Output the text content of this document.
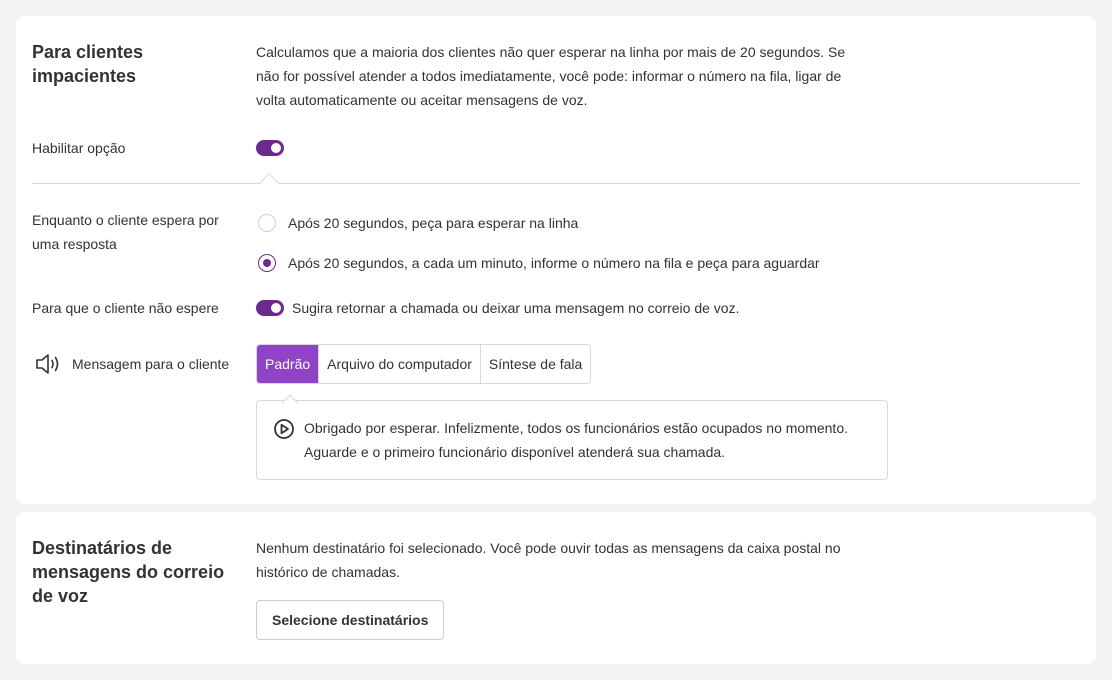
Para clientes impacientes
Calculamos que a maioria dos clientes não quer esperar na linha por mais de 20 segundos. Se não for possível atender a todos imediatamente, você pode: informar o número na fila, ligar de volta automaticamente ou aceitar mensagens de voz.
Habilitar opção
Enquanto o cliente espera por uma resposta
Após 20 segundos, peça para esperar na linha
Após 20 segundos, a cada um minuto, informe o número na fila e peça para aguardar
Para que o cliente não espere	Sugira retornar a chamada ou deixar uma mensagem no correio de voz.
Mensagem para o cliente	Padrão	Arquivo do computador	Síntese de fala
Obrigado por esperar. Infelizmente, todos os funcionários estão ocupados no momento. Aguarde e o primeiro funcionário disponível atenderá sua chamada.
Destinatários de mensagens do correio de voz
Nenhum destinatário foi selecionado. Você pode ouvir todas as mensagens da caixa postal no histórico de chamadas.
Selecione destinatários
